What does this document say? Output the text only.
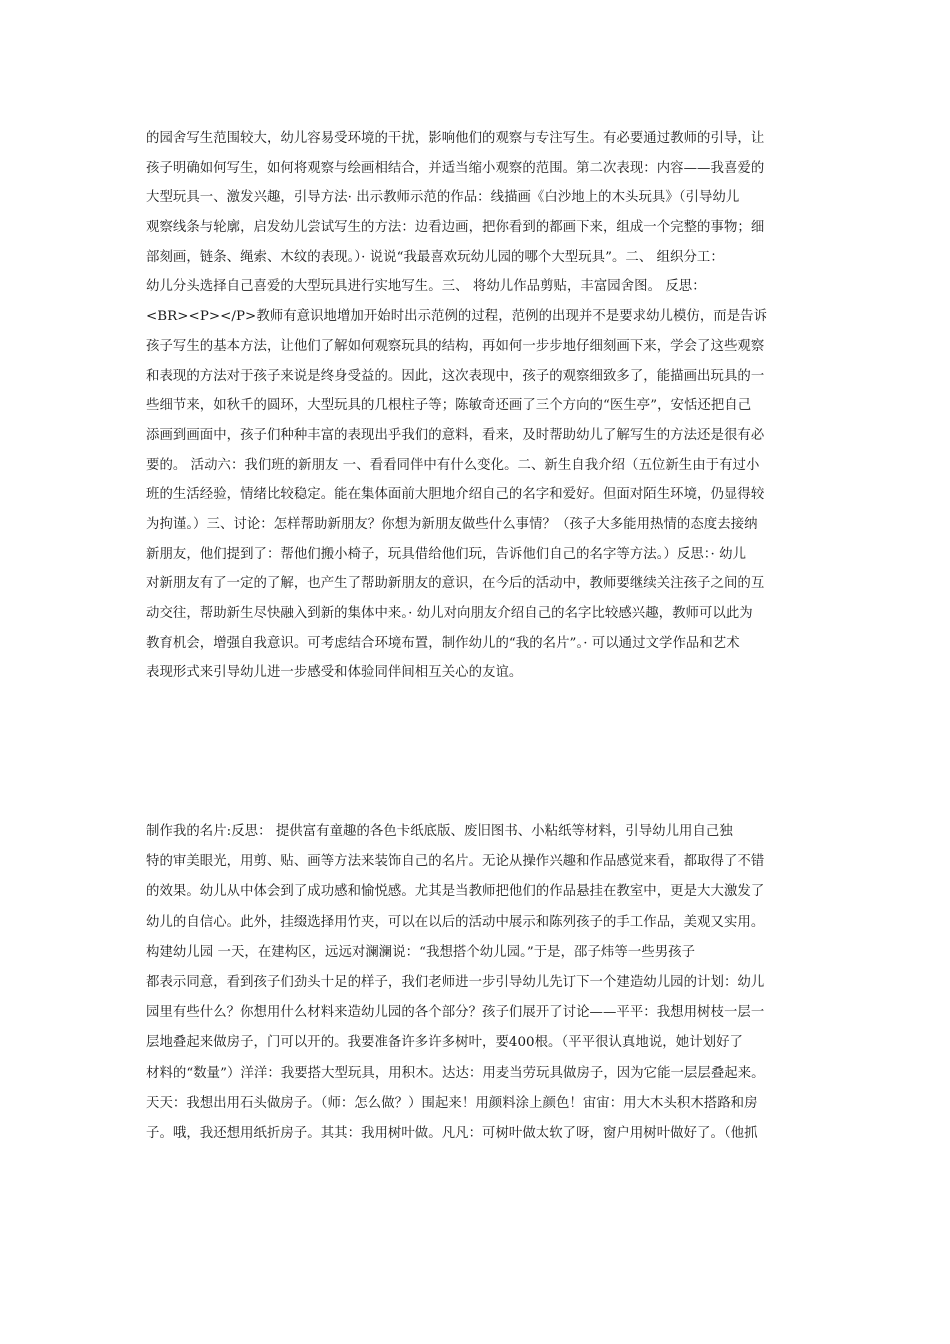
的园舍写生范围较大，幼儿容易受环境的干扰，影响他们的观察与专注写生。有必要通过教师的引导，让
孩子明确如何写生，如何将观察与绘画相结合，并适当缩小观察的范围。第二次表现：内容——我喜爱的
大型玩具一、激发兴趣，引导方法· 出示教师示范的作品：线描画《白沙地上的木头玩具》（引导幼儿
观察线条与轮廓，启发幼儿尝试写生的方法：边看边画，把你看到的都画下来，组成一个完整的事物；细
部刻画，链条、绳索、木纹的表现。）· 说说“我最喜欢玩幼儿园的哪个大型玩具”。二、 组织分工：
幼儿分头选择自己喜爱的大型玩具进行实地写生。三、 将幼儿作品剪贴，丰富园舍图。 反思：
<BR><P></P>教师有意识地增加开始时出示范例的过程，范例的出现并不是要求幼儿模仿，而是告诉
孩子写生的基本方法，让他们了解如何观察玩具的结构，再如何一步步地仔细刻画下来，学会了这些观察
和表现的方法对于孩子来说是终身受益的。因此，这次表现中，孩子的观察细致多了，能描画出玩具的一
些细节来，如秋千的圆环，大型玩具的几根柱子等；陈敏奇还画了三个方向的“医生亭”，安恬还把自己
添画到画面中，孩子们种种丰富的表现出乎我们的意料，看来，及时帮助幼儿了解写生的方法还是很有必
要的。 活动六：我们班的新朋友 一、看看同伴中有什么变化。二、新生自我介绍（五位新生由于有过小
班的生活经验，情绪比较稳定。能在集体面前大胆地介绍自己的名字和爱好。但面对陌生环境，仍显得较
为拘谨。）三、讨论：怎样帮助新朋友？你想为新朋友做些什么事情？（孩子大多能用热情的态度去接纳
新朋友，他们提到了：帮他们搬小椅子，玩具借给他们玩，告诉他们自己的名字等方法。）反思：· 幼儿
对新朋友有了一定的了解，也产生了帮助新朋友的意识，在今后的活动中，教师要继续关注孩子之间的互
动交往，帮助新生尽快融入到新的集体中来。· 幼儿对向朋友介绍自己的名字比较感兴趣，教师可以此为
教育机会，增强自我意识。可考虑结合环境布置，制作幼儿的“我的名片”。· 可以通过文学作品和艺术
表现形式来引导幼儿进一步感受和体验同伴间相互关心的友谊。
制作我的名片:反思： 提供富有童趣的各色卡纸底版、废旧图书、小粘纸等材料，引导幼儿用自己独
特的审美眼光，用剪、贴、画等方法来装饰自己的名片。无论从操作兴趣和作品感觉来看，都取得了不错
的效果。幼儿从中体会到了成功感和愉悦感。尤其是当教师把他们的作品悬挂在教室中，更是大大激发了
幼儿的自信心。此外，挂缀选择用竹夹，可以在以后的活动中展示和陈列孩子的手工作品，美观又实用。
构建幼儿园 一天，在建构区，远远对澜澜说：“我想搭个幼儿园。”于是，邵子炜等一些男孩子
都表示同意，看到孩子们劲头十足的样子，我们老师进一步引导幼儿先订下一个建造幼儿园的计划：幼儿
园里有些什么？你想用什么材料来造幼儿园的各个部分？孩子们展开了讨论——平平：我想用树枝一层一
层地叠起来做房子，门可以开的。我要准备许多许多树叶，要400根。（平平很认真地说，她计划好了
材料的“数量”）洋洋：我要搭大型玩具，用积木。达达：用麦当劳玩具做房子，因为它能一层层叠起来。
天天：我想出用石头做房子。（师：怎么做？）围起来！用颜料涂上颜色！宙宙：用大木头积木搭路和房
子。哦，我还想用纸折房子。其其：我用树叶做。凡凡：可树叶做太软了呀，窗户用树叶做好了。（他抓
